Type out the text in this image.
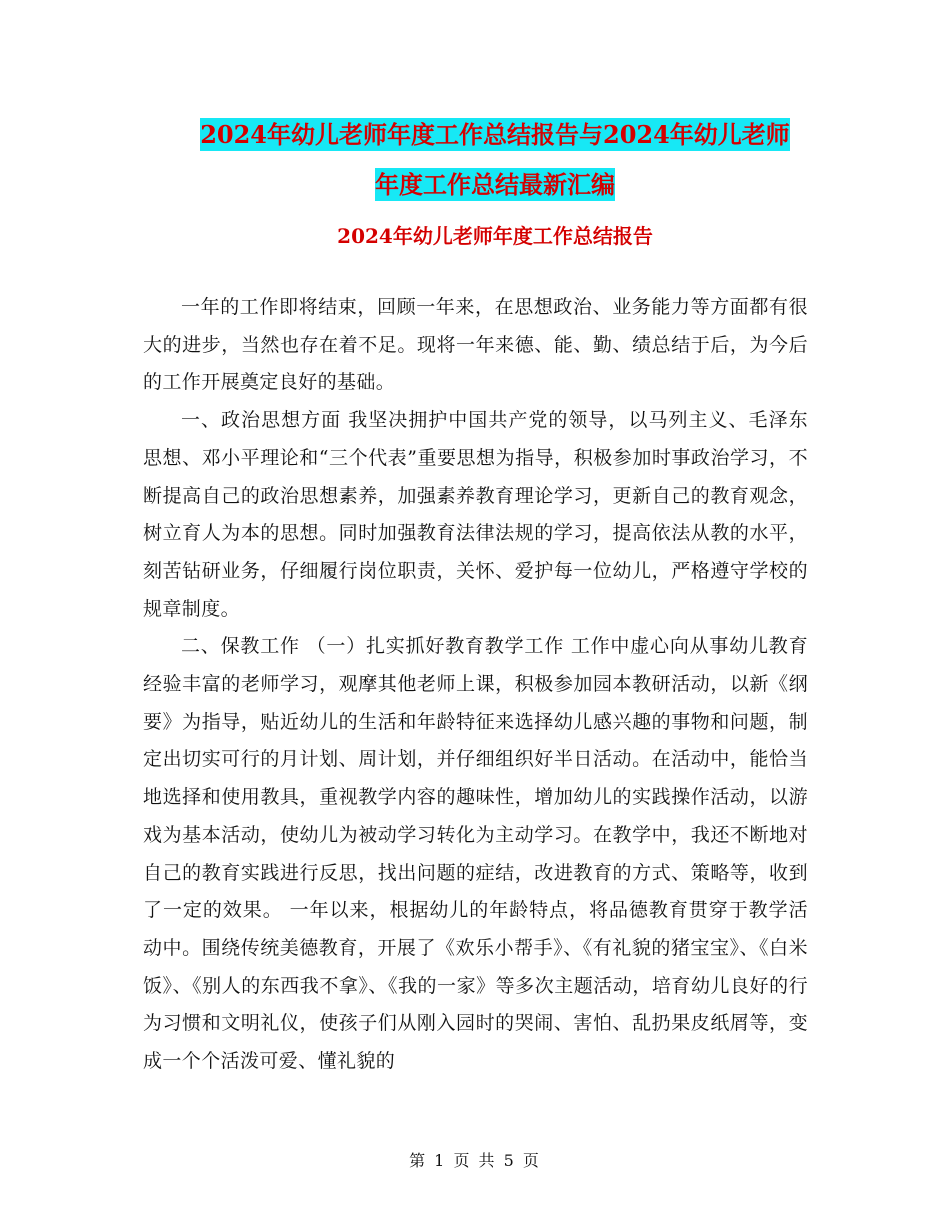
2024年幼儿老师年度工作总结报告与2024年幼儿老师
年度工作总结最新汇编
2024年幼儿老师年度工作总结报告

一年的工作即将结束，回顾一年来，在思想政治、业务能力等方面都有很大的进步，当然也存在着不足。现将一年来德、能、勤、绩总结于后，为今后的工作开展奠定良好的基础。

一、政治思想方面 我坚决拥护中国共产党的领导，以马列主义、毛泽东思想、邓小平理论和“三个代表”重要思想为指导，积极参加时事政治学习，不断提高自己的政治思想素养，加强素养教育理论学习，更新自己的教育观念，树立育人为本的思想。同时加强教育法律法规的学习，提高依法从教的水平，刻苦钻研业务，仔细履行岗位职责，关怀、爱护每一位幼儿，严格遵守学校的规章制度。

二、保教工作 （一）扎实抓好教育教学工作 工作中虚心向从事幼儿教育经验丰富的老师学习，观摩其他老师上课，积极参加园本教研活动，以新《纲要》为指导，贴近幼儿的生活和年龄特征来选择幼儿感兴趣的事物和问题，制定出切实可行的月计划、周计划，并仔细组织好半日活动。在活动中，能恰当地选择和使用教具，重视教学内容的趣味性，增加幼儿的实践操作活动，以游戏为基本活动，使幼儿为被动学习转化为主动学习。在教学中，我还不断地对自己的教育实践进行反思，找出问题的症结，改进教育的方式、策略等，收到了一定的效果。 一年以来，根据幼儿的年龄特点，将品德教育贯穿于教学活动中。围绕传统美德教育，开展了《欢乐小帮手》、《有礼貌的猪宝宝》、《白米饭》、《别人的东西我不拿》、《我的一家》等多次主题活动，培育幼儿良好的行为习惯和文明礼仪，使孩子们从刚入园时的哭闹、害怕、乱扔果皮纸屑等，变成一个个活泼可爱、懂礼貌的

第 1 页 共 5 页
